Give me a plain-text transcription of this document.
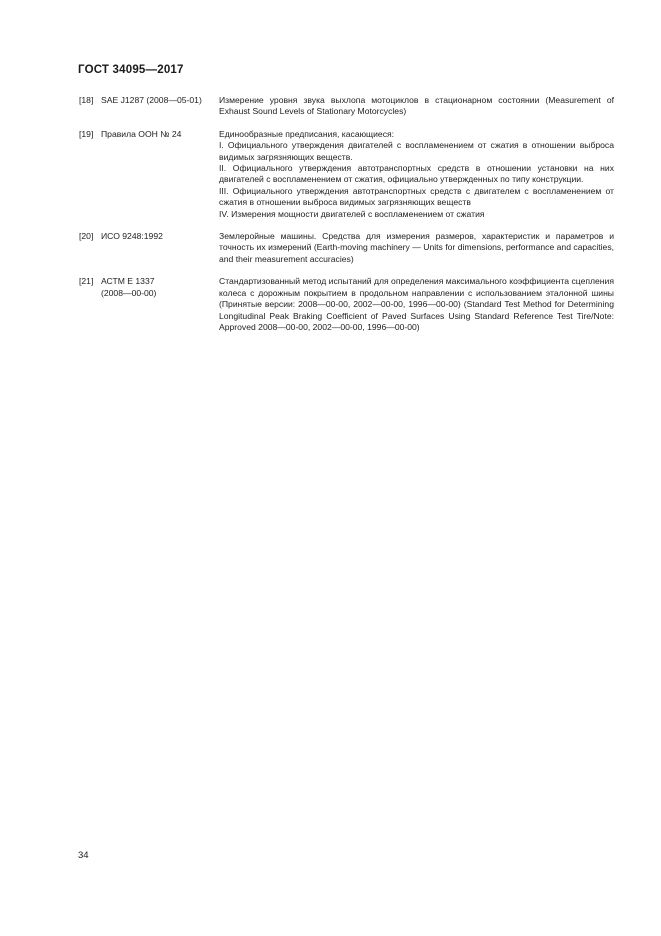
ГОСТ 34095—2017
[18] SAE J1287 (2008—05-01) Измерение уровня звука выхлопа мотоциклов в стационарном состоянии (Measurement of Exhaust Sound Levels of Stationary Motorcycles)

[19] Правила ООН № 24	Единообразные предписания, касающиеся:

I. Официального утверждения двигателей с воспламенением от сжатия в отношении выброса видимых загрязняющих веществ.

II. Официального утверждения автотранспортных средств в отношении установки на них двигателей с воспламенением от сжатия, официально утвержденных по типу конструкции.

III. Официального утверждения автотранспортных средств с двигателем с воспламенением от сжатия в отношении выброса видимых загрязняющих веществ

IV. Измерения мощности двигателей с воспламенением от сжатия

[20] ИСО 9248:1992	Землеройные машины. Средства для измерения размеров, характеристик и параметров и точность их измерений (Earth-moving machinery — Units for dimensions, performance and capacities, and their measurement accuracies)

[21] АСТМ Е 1337
(2008—00-00)

Стандартизованный метод испытаний для определения максимального коэффициента сцепления колеса с дорожным покрытием в продольном направлении с использованием эталонной шины (Принятые версии: 2008—00-00, 2002—00-00, 1996—00-00) (Standard Test Method for Determining Longitudinal Peak Braking Coefficient of Paved Surfaces Using Standard Reference Test Tire/Note: Approved 2008—00-00, 2002—00-00, 1996—00-00)

34
